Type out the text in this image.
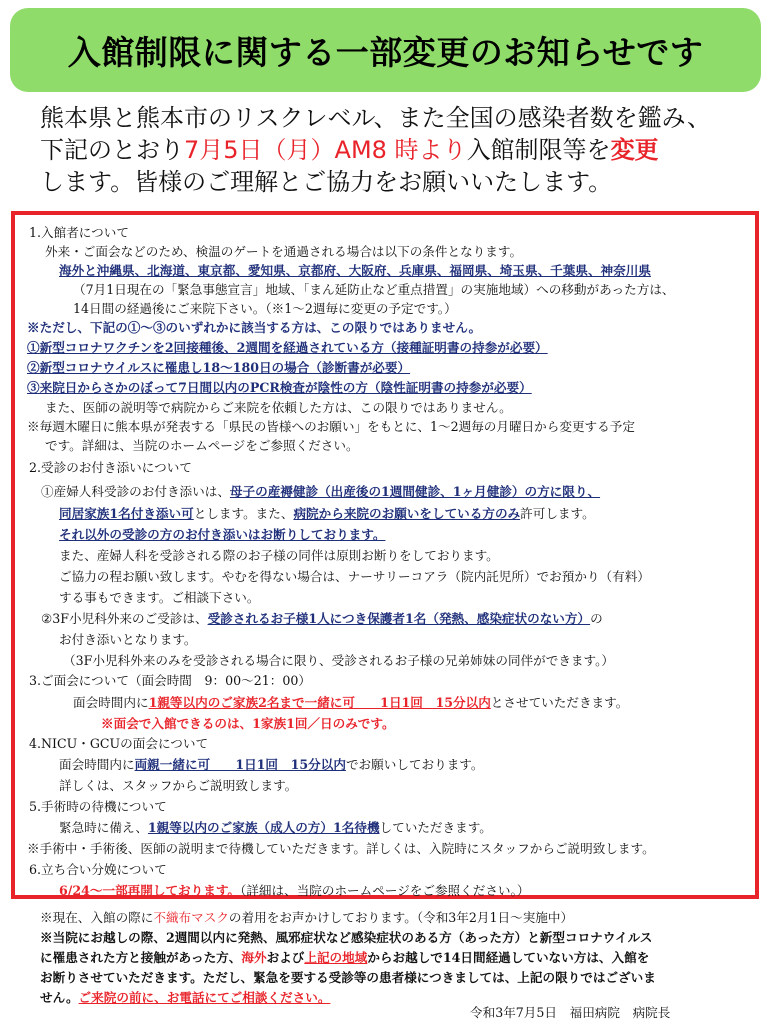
入館制限に関する一部変更のお知らせです
熊本県と熊本市のリスクレベル、また全国の感染者数を鑑み、
下記のとおり7月5日（月）AM8 時より入館制限等を変更
します。皆様のご理解とご協力をお願いいたします。
1.入館者について
外来・ご面会などのため、検温のゲートを通過される場合は以下の条件となります。
海外と沖縄県、北海道、東京都、愛知県、京都府、大阪府、兵庫県、福岡県、埼玉県、千葉県、神奈川県
（7月1日現在の「緊急事態宣言」地域、「まん延防止など重点措置」の実施地域）への移動があった方は、
14日間の経過後にご来院下さい。（※1～2週毎に変更の予定です。）
※ただし、下記の①～③のいずれかに該当する方は、この限りではありません。
①新型コロナワクチンを2回接種後、2週間を経過されている方（接種証明書の持参が必要）
②新型コロナウイルスに罹患し18～180日の場合（診断書が必要）
③来院日からさかのぼって7日間以内のPCR検査が陰性の方（陰性証明書の持参が必要）
また、医師の説明等で病院からご来院を依頼した方は、この限りではありません。
※毎週木曜日に熊本県が発表する「県民の皆様へのお願い」をもとに、1～2週毎の月曜日から変更する予定
です。詳細は、当院のホームページをご参照ください。
2.受診のお付き添いについて
①産婦人科受診のお付き添いは、母子の産褥健診（出産後の1週間健診、1ヶ月健診）の方に限り、
同居家族1名付き添い可とします。また、病院から来院のお願いをしている方のみ許可します。
それ以外の受診の方のお付き添いはお断りしております。
また、産婦人科を受診される際のお子様の同伴は原則お断りをしております。
ご協力の程お願い致します。やむを得ない場合は、ナーサリーコアラ（院内託児所）でお預かり（有料）
する事もできます。ご相談下さい。
②3F小児科外来のご受診は、受診されるお子様1人につき保護者1名（発熱、感染症状のない方）の
お付き添いとなります。
（3F小児科外来のみを受診される場合に限り、受診されるお子様の兄弟姉妹の同伴ができます。）
3.ご面会について（面会時間　9：00～21：00）
面会時間内に1親等以内のご家族2名まで一緒に可　　1日1回　15分以内とさせていただきます。
※面会で入館できるのは、1家族1回／日のみです。
4.NICU・GCUの面会について
面会時間内に両親一緒に可　　1日1回　15分以内でお願いしております。
詳しくは、スタッフからご説明致します。
5.手術時の待機について
緊急時に備え、1親等以内のご家族（成人の方）1名待機していただきます。
※手術中・手術後、医師の説明まで待機していただきます。詳しくは、入院時にスタッフからご説明致します。
6.立ち合い分娩について
6/24～一部再開しております。（詳細は、当院のホームページをご参照ください。）
※現在、入館の際に不織布マスクの着用をお声かけしております。（令和3年2月1日～実施中）
※当院にお越しの際、2週間以内に発熱、風邪症状など感染症状のある方（あった方）と新型コロナウイルス
に罹患された方と接触があった方、海外および上記の地域からお越しで14日間経過していない方は、入館を
お断りさせていただきます。ただし、緊急を要する受診等の患者様につきましては、上記の限りではございま
せん。ご来院の前に、お電話にてご相談ください。
令和3年7月5日　福田病院　病院長
